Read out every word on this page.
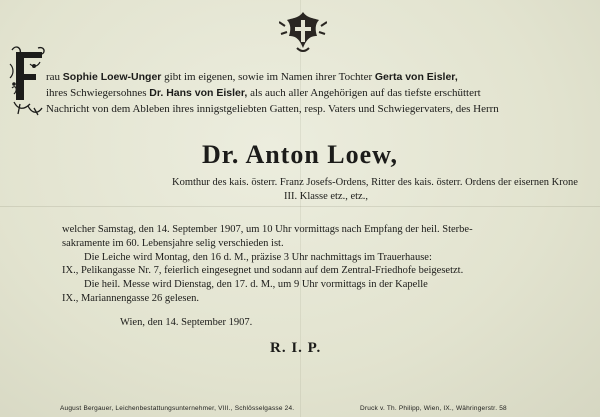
rau Sophie Loew-Unger gibt im eigenen, sowie im Namen ihrer Tochter Gerta von Eisler,
ihres Schwiegersohnes Dr. Hans von Eisler, als auch aller Angehörigen auf das tiefste erschüttert
Nachricht von dem Ableben ihres innigstgeliebten Gatten, resp. Vaters und Schwiegervaters, des Herrn
Dr. Anton Loew,
Komthur des kais. österr. Franz Josefs-Ordens, Ritter des kais. österr. Ordens der eisernen Krone
III. Klasse etz., etz.,
welcher Samstag, den 14. September 1907, um 10 Uhr vormittags nach Empfang der heil. Sterbe-
sakramente im 60. Lebensjahre selig verschieden ist.
Die Leiche wird Montag, den 16 d. M., präzise 3 Uhr nachmittags im Trauerhause:
IX., Pelikangasse Nr. 7, feierlich eingesegnet und sodann auf dem Zentral-Friedhofe beigesetzt.
Die heil. Messe wird Dienstag, den 17. d. M., um 9 Uhr vormittags in der Kapelle
IX., Mariannengasse 26 gelesen.
Wien, den 14. September 1907.
R. I. P.
August Bergauer, Leichenbestattungsunternehmer, VIII., Schlösselgasse 24.	Druck v. Th. Philipp, Wien, IX., Währingerstr. 58
